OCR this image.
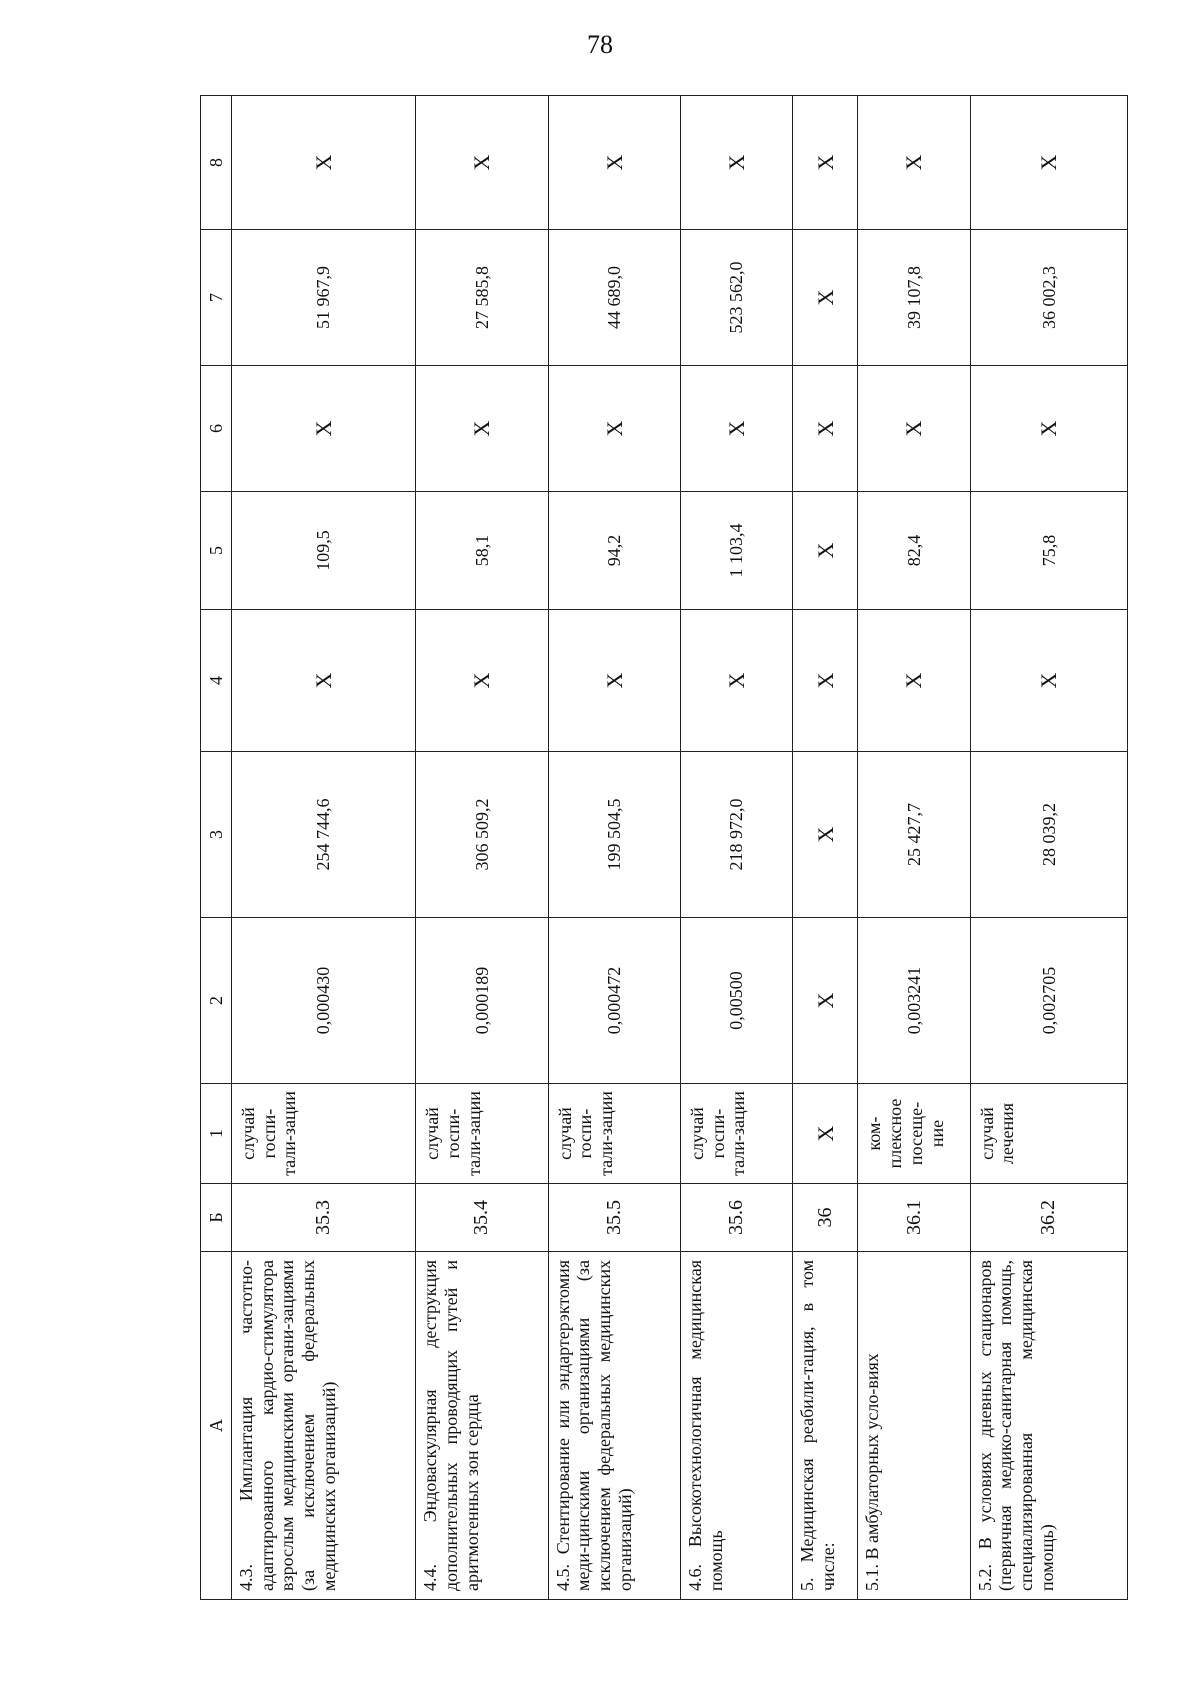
78
А	Б	1	2	3	4	5	6	7	8
4.3. Имплантация частотно-адаптированного кардио-стимулятора взрослым медицинскими органи-зациями (за исключением федеральных медицинских организаций)	35.3	случай госпи-тали-зации	0,000430	254 744,6	Х	109,5	Х	51 967,9	Х
4.4. Эндоваскулярная деструкция дополнительных проводящих путей и аритмогенных зон сердца	35.4	случай госпи-тали-зации	0,000189	306 509,2	Х	58,1	Х	27 585,8	Х
4.5. Стентирование или эндартерэктомия меди-цинскими организациями (за исключением федеральных медицинских организаций)	35.5	случай госпи-тали-зации	0,000472	199 504,5	Х	94,2	Х	44 689,0	Х
4.6. Высокотехнологичная медицинская помощь	35.6	случай госпи-тали-зации	0,00500	218 972,0	Х	1 103,4	Х	523 562,0	Х
5. Медицинская реабили-тация, в том числе:	36	Х	Х	Х	Х	Х	Х	Х	Х
5.1. В амбулаторных усло-виях	36.1	ком-плексное посеще-ние	0,003241	25 427,7	Х	82,4	Х	39 107,8	Х
5.2. В условиях дневных стационаров (первичная медико-санитарная помощь, специализированная медицинская помощь)	36.2	случай лечения	0,002705	28 039,2	Х	75,8	Х	36 002,3	Х
